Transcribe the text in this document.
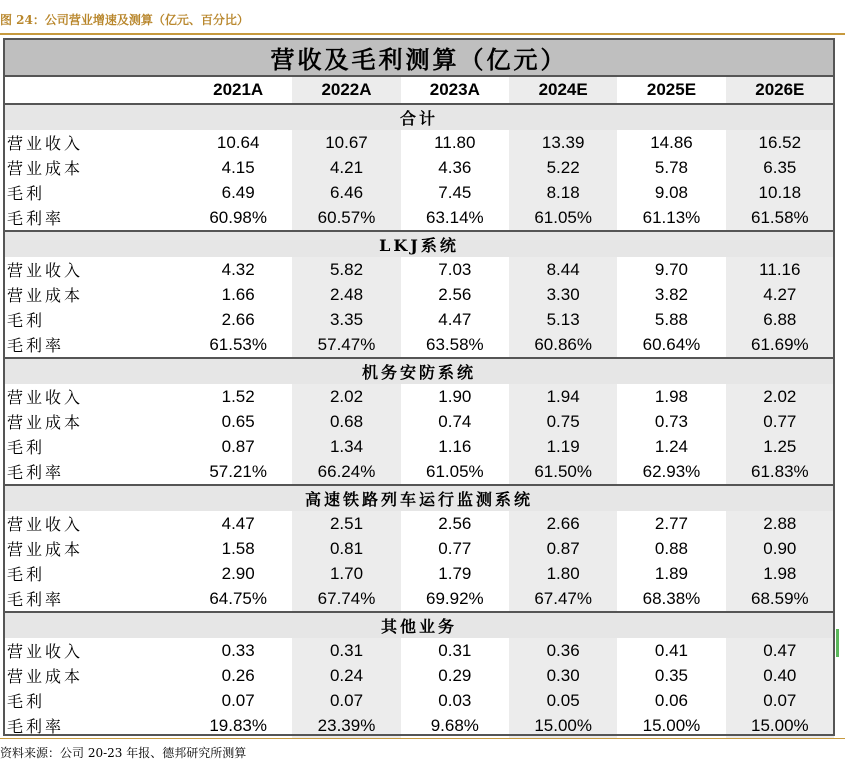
图 24：公司营业增速及测算（亿元、百分比）
营收及毛利测算（亿元）						
	2021A	2022A	2023A	2024E	2025E	2026E
合计						
营业收入	10.64	10.67	11.80	13.39	14.86	16.52
营业成本	4.15	4.21	4.36	5.22	5.78	6.35
毛利	6.49	6.46	7.45	8.18	9.08	10.18
毛利率	60.98%	60.57%	63.14%	61.05%	61.13%	61.58%
LKJ系统						
营业收入	4.32	5.82	7.03	8.44	9.70	11.16
营业成本	1.66	2.48	2.56	3.30	3.82	4.27
毛利	2.66	3.35	4.47	5.13	5.88	6.88
毛利率	61.53%	57.47%	63.58%	60.86%	60.64%	61.69%
机务安防系统						
营业收入	1.52	2.02	1.90	1.94	1.98	2.02
营业成本	0.65	0.68	0.74	0.75	0.73	0.77
毛利	0.87	1.34	1.16	1.19	1.24	1.25
毛利率	57.21%	66.24%	61.05%	61.50%	62.93%	61.83%
高速铁路列车运行监测系统						
营业收入	4.47	2.51	2.56	2.66	2.77	2.88
营业成本	1.58	0.81	0.77	0.87	0.88	0.90
毛利	2.90	1.70	1.79	1.80	1.89	1.98
毛利率	64.75%	67.74%	69.92%	67.47%	68.38%	68.59%
其他业务						
营业收入	0.33	0.31	0.31	0.36	0.41	0.47
营业成本	0.26	0.24	0.29	0.30	0.35	0.40
毛利	0.07	0.07	0.03	0.05	0.06	0.07
毛利率	19.83%	23.39%	9.68%	15.00%	15.00%	15.00%
资料来源：公司 20-23 年报、德邦研究所测算
